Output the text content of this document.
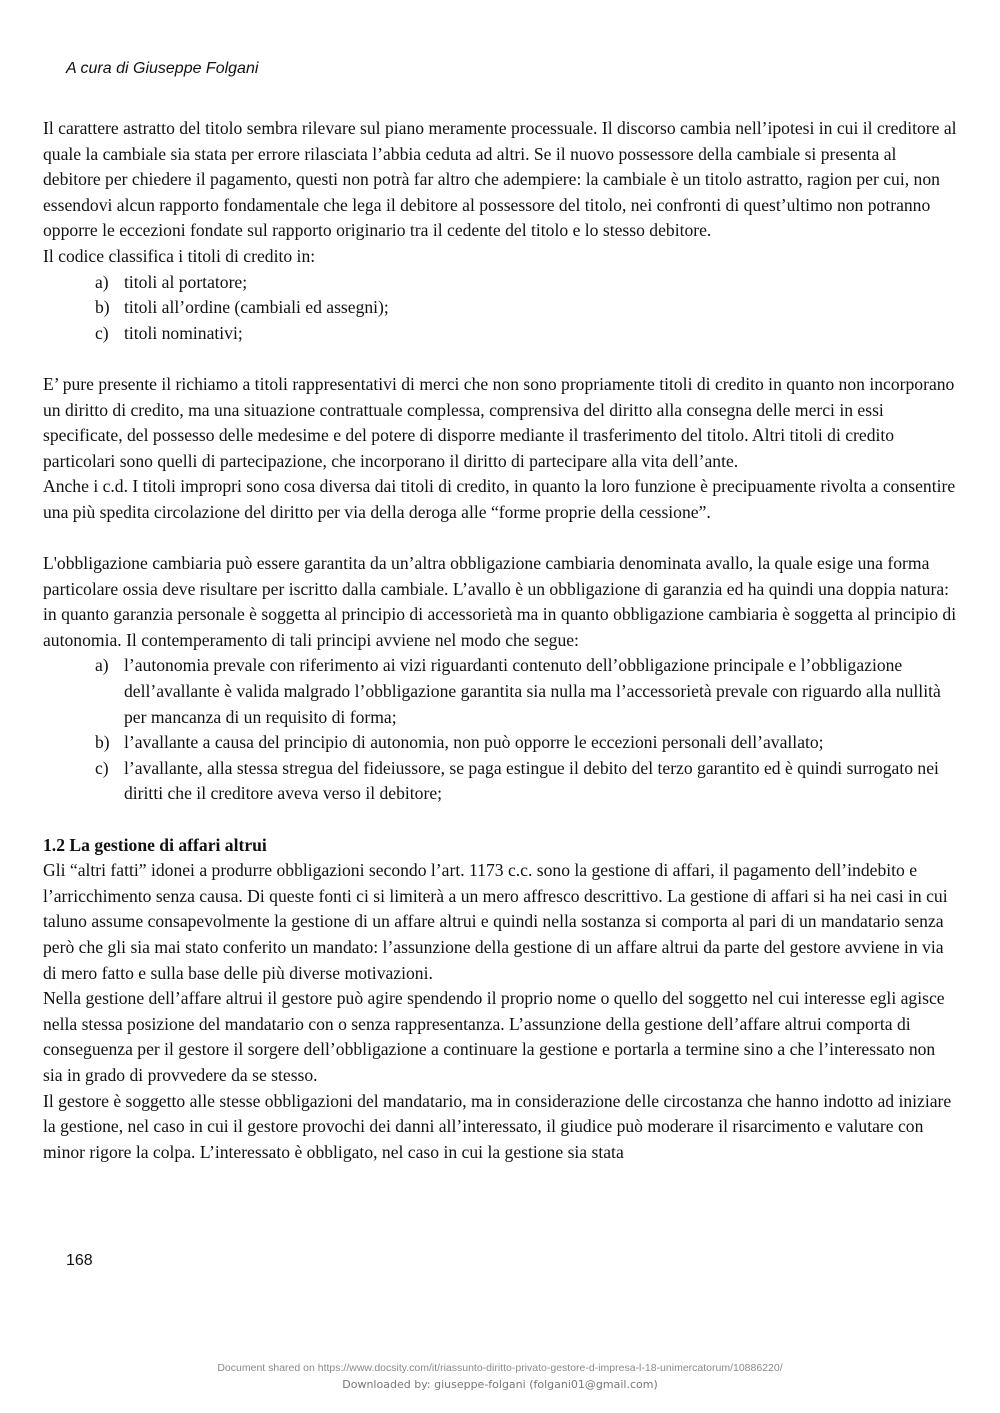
A cura di Giuseppe Folgani

Il carattere astratto del titolo sembra rilevare sul piano meramente processuale. Il discorso cambia nell’ipotesi in cui il creditore al quale la cambiale sia stata per errore rilasciata l’abbia ceduta ad altri. Se il nuovo possessore della cambiale si presenta al debitore per chiedere il pagamento, questi non potrà far altro che adempiere: la cambiale è un titolo astratto, ragion per cui, non essendovi alcun rapporto fondamentale che lega il debitore al possessore del titolo, nei confronti di quest’ultimo non potranno opporre le eccezioni fondate sul rapporto originario tra il cedente del titolo e lo stesso debitore.

Il codice classifica i titoli di credito in:

a) titoli al portatore;
b) titoli all’ordine (cambiali ed assegni);
c) titoli nominativi;

E’ pure presente il richiamo a titoli rappresentativi di merci che non sono propriamente titoli di credito in quanto non incorporano un diritto di credito, ma una situazione contrattuale complessa, comprensiva del diritto alla consegna delle merci in essi specificate, del possesso delle medesime e del potere di disporre mediante il trasferimento del titolo. Altri titoli di credito particolari sono quelli di partecipazione, che incorporano il diritto di partecipare alla vita dell’ante.

Anche i c.d. I titoli impropri sono cosa diversa dai titoli di credito, in quanto la loro funzione è precipuamente rivolta a consentire una più spedita circolazione del diritto per via della deroga alle “forme proprie della cessione”.

L'obbligazione cambiaria può essere garantita da un’altra obbligazione cambiaria denominata avallo, la quale esige una forma particolare ossia deve risultare per iscritto dalla cambiale. L’avallo è un obbligazione di garanzia ed ha quindi una doppia natura: in quanto garanzia personale è soggetta al principio di accessorietà ma in quanto obbligazione cambiaria è soggetta al principio di autonomia. Il contemperamento di tali principi avviene nel modo che segue:

a) l’autonomia prevale con riferimento ai vizi riguardanti contenuto dell’obbligazione principale e l’obbligazione dell’avallante è valida malgrado l’obbligazione garantita sia nulla ma l’accessorietà prevale con riguardo alla nullità per mancanza di un requisito di forma;
b) l’avallante a causa del principio di autonomia, non può opporre le eccezioni personali dell’avallato;
c) l’avallante, alla stessa stregua del fideiussore, se paga estingue il debito del terzo garantito ed è quindi surrogato nei diritti che il creditore aveva verso il debitore;

1.2 La gestione di affari altrui

Gli “altri fatti” idonei a produrre obbligazioni secondo l’art. 1173 c.c. sono la gestione di affari, il pagamento dell’indebito e l’arricchimento senza causa. Di queste fonti ci si limiterà a un mero affresco descrittivo. La gestione di affari si ha nei casi in cui taluno assume consapevolmente la gestione di un affare altrui e quindi nella sostanza si comporta al pari di un mandatario senza però che gli sia mai stato conferito un mandato: l’assunzione della gestione di un affare altrui da parte del gestore avviene in via di mero fatto e sulla base delle più diverse motivazioni.

Nella gestione dell’affare altrui il gestore può agire spendendo il proprio nome o quello del soggetto nel cui interesse egli agisce nella stessa posizione del mandatario con o senza rappresentanza. L’assunzione della gestione dell’affare altrui comporta di conseguenza per il gestore il sorgere dell’obbligazione a continuare la gestione e portarla a termine sino a che l’interessato non sia in grado di provvedere da se stesso.

Il gestore è soggetto alle stesse obbligazioni del mandatario, ma in considerazione delle circostanza che hanno indotto ad iniziare la gestione, nel caso in cui il gestore provochi dei danni all’interessato, il giudice può moderare il risarcimento e valutare con minor rigore la colpa. L’interessato è obbligato, nel caso in cui la gestione sia stata

168
Document shared on https://www.docsity.com/it/riassunto-diritto-privato-gestore-d-impresa-l-18-unimercatorum/10886220/
Downloaded by: giuseppe-folgani (folgani01@gmail.com)
